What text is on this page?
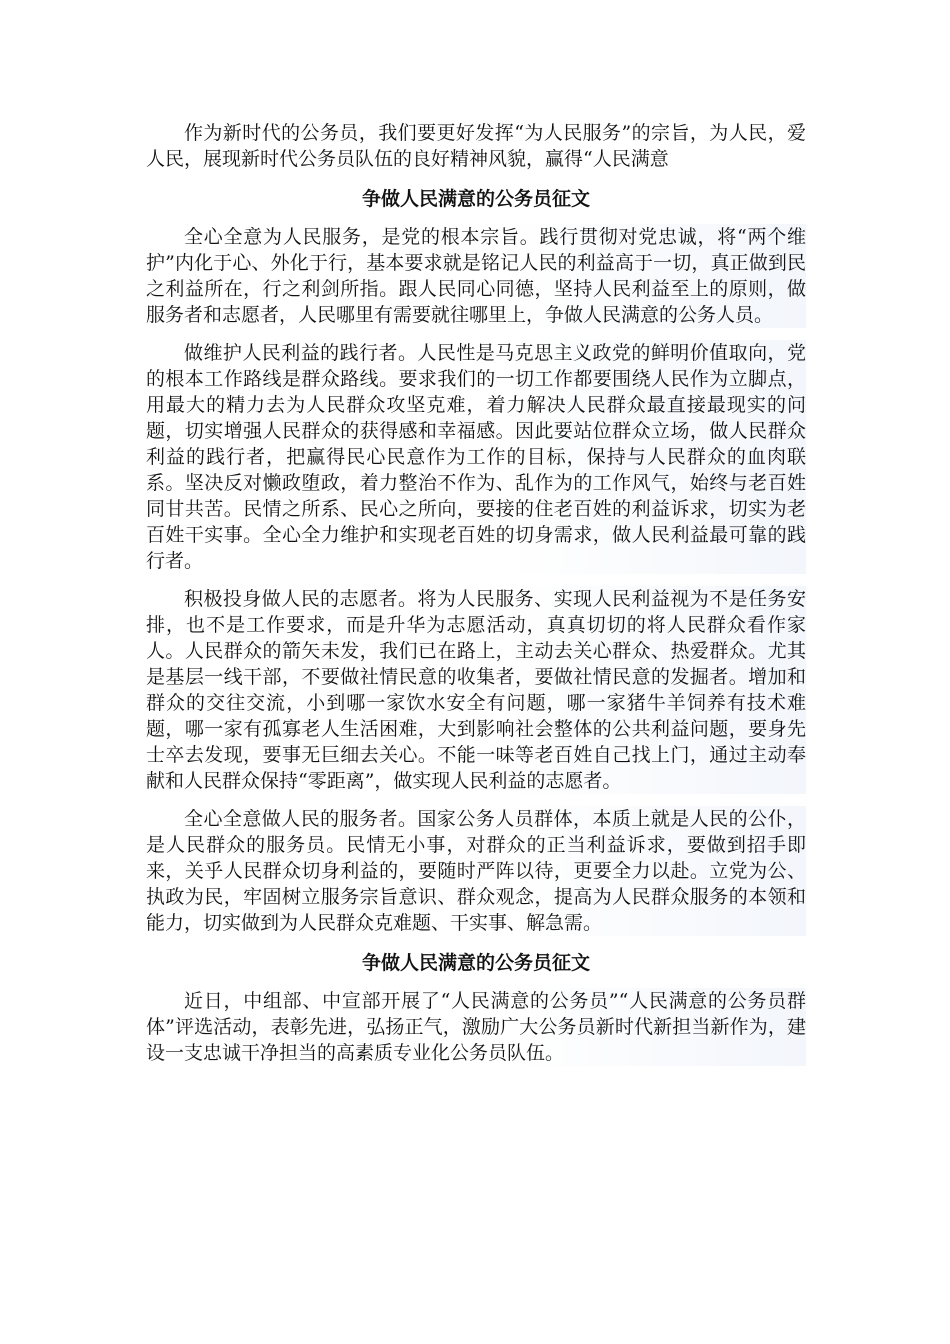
作为新时代的公务员，我们要更好发挥“为人民服务”的宗旨，为人民，爱人民，展现新时代公务员队伍的良好精神风貌，赢得“人民满意

争做人民满意的公务员征文

全心全意为人民服务，是党的根本宗旨。践行贯彻对党忠诚，将“两个维护”内化于心、外化于行，基本要求就是铭记人民的利益高于一切，真正做到民之利益所在，行之利剑所指。跟人民同心同德，坚持人民利益至上的原则，做服务者和志愿者，人民哪里有需要就往哪里上，争做人民满意的公务人员。

做维护人民利益的践行者。人民性是马克思主义政党的鲜明价值取向，党的根本工作路线是群众路线。要求我们的一切工作都要围绕人民作为立脚点，用最大的精力去为人民群众攻坚克难，着力解决人民群众最直接最现实的问题，切实增强人民群众的获得感和幸福感。因此要站位群众立场，做人民群众利益的践行者，把赢得民心民意作为工作的目标，保持与人民群众的血肉联系。坚决反对懒政堕政，着力整治不作为、乱作为的工作风气，始终与老百姓同甘共苦。民情之所系、民心之所向，要接的住老百姓的利益诉求，切实为老百姓干实事。全心全力维护和实现老百姓的切身需求，做人民利益最可靠的践行者。

积极投身做人民的志愿者。将为人民服务、实现人民利益视为不是任务安排，也不是工作要求，而是升华为志愿活动，真真切切的将人民群众看作家人。人民群众的箭矢未发，我们已在路上，主动去关心群众、热爱群众。尤其是基层一线干部，不要做社情民意的收集者，要做社情民意的发掘者。增加和群众的交往交流，小到哪一家饮水安全有问题，哪一家猪牛羊饲养有技术难题，哪一家有孤寡老人生活困难，大到影响社会整体的公共利益问题，要身先士卒去发现，要事无巨细去关心。不能一味等老百姓自己找上门，通过主动奉献和人民群众保持“零距离”，做实现人民利益的志愿者。

全心全意做人民的服务者。国家公务人员群体，本质上就是人民的公仆，是人民群众的服务员。民情无小事，对群众的正当利益诉求，要做到招手即来，关乎人民群众切身利益的，要随时严阵以待，更要全力以赴。立党为公、执政为民，牢固树立服务宗旨意识、群众观念，提高为人民群众服务的本领和能力，切实做到为人民群众克难题、干实事、解急需。

争做人民满意的公务员征文

近日，中组部、中宣部开展了“人民满意的公务员”“人民满意的公务员群体”评选活动，表彰先进，弘扬正气，激励广大公务员新时代新担当新作为，建设一支忠诚干净担当的高素质专业化公务员队伍。
